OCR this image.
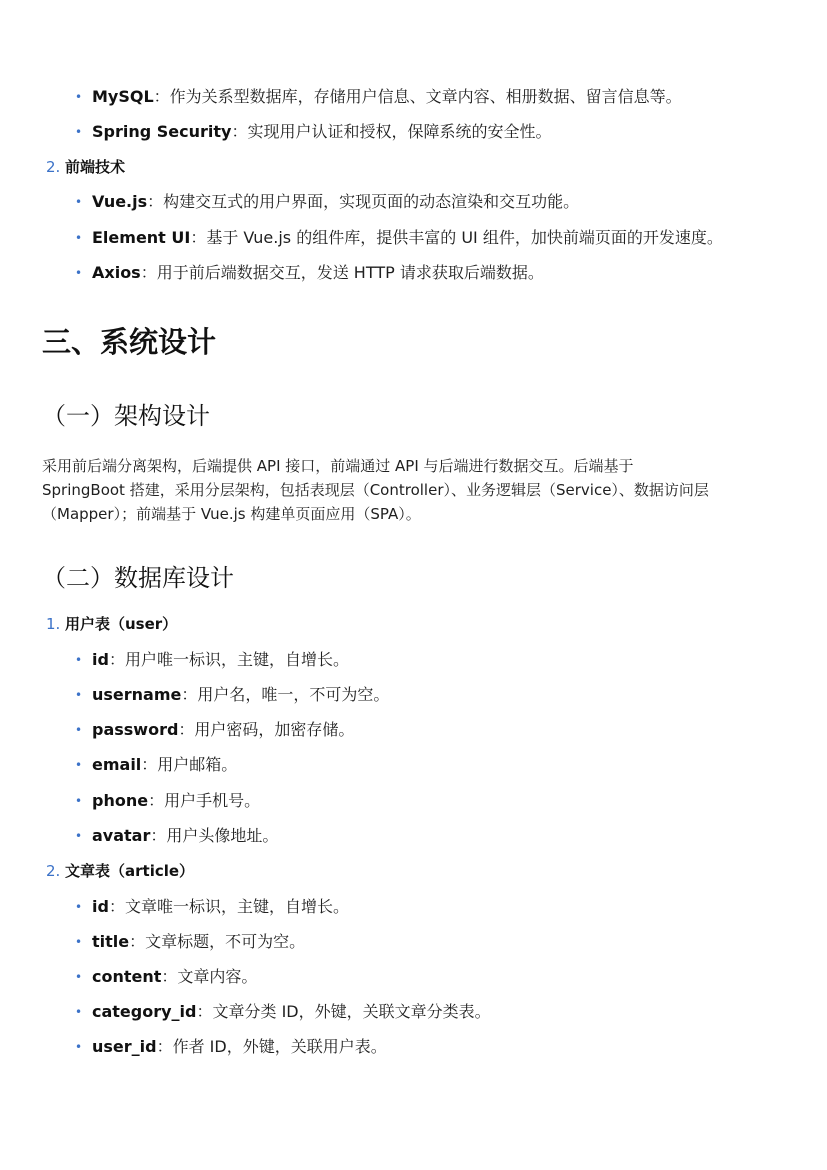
• MySQL：作为关系型数据库，存储用户信息、文章内容、相册数据、留言信息等。
• Spring Security：实现用户认证和授权，保障系统的安全性。
2. 前端技术
• Vue.js：构建交互式的用户界面，实现页面的动态渲染和交互功能。
• Element UI：基于 Vue.js 的组件库，提供丰富的 UI 组件，加快前端页面的开发速度。
• Axios：用于前后端数据交互，发送 HTTP 请求获取后端数据。
三、系统设计
（一）架构设计
采用前后端分离架构，后端提供 API 接口，前端通过 API 与后端进行数据交互。后端基于
SpringBoot 搭建，采用分层架构，包括表现层（Controller）、业务逻辑层（Service）、数据访问层
（Mapper）；前端基于 Vue.js 构建单页面应用（SPA）。
（二）数据库设计
1. 用户表（user）
• id：用户唯一标识，主键，自增长。
• username：用户名，唯一，不可为空。
• password：用户密码，加密存储。
• email：用户邮箱。
• phone：用户手机号。
• avatar：用户头像地址。
2. 文章表（article）
• id：文章唯一标识，主键，自增长。
• title：文章标题，不可为空。
• content：文章内容。
• category_id：文章分类 ID，外键，关联文章分类表。
• user_id：作者 ID，外键，关联用户表。
